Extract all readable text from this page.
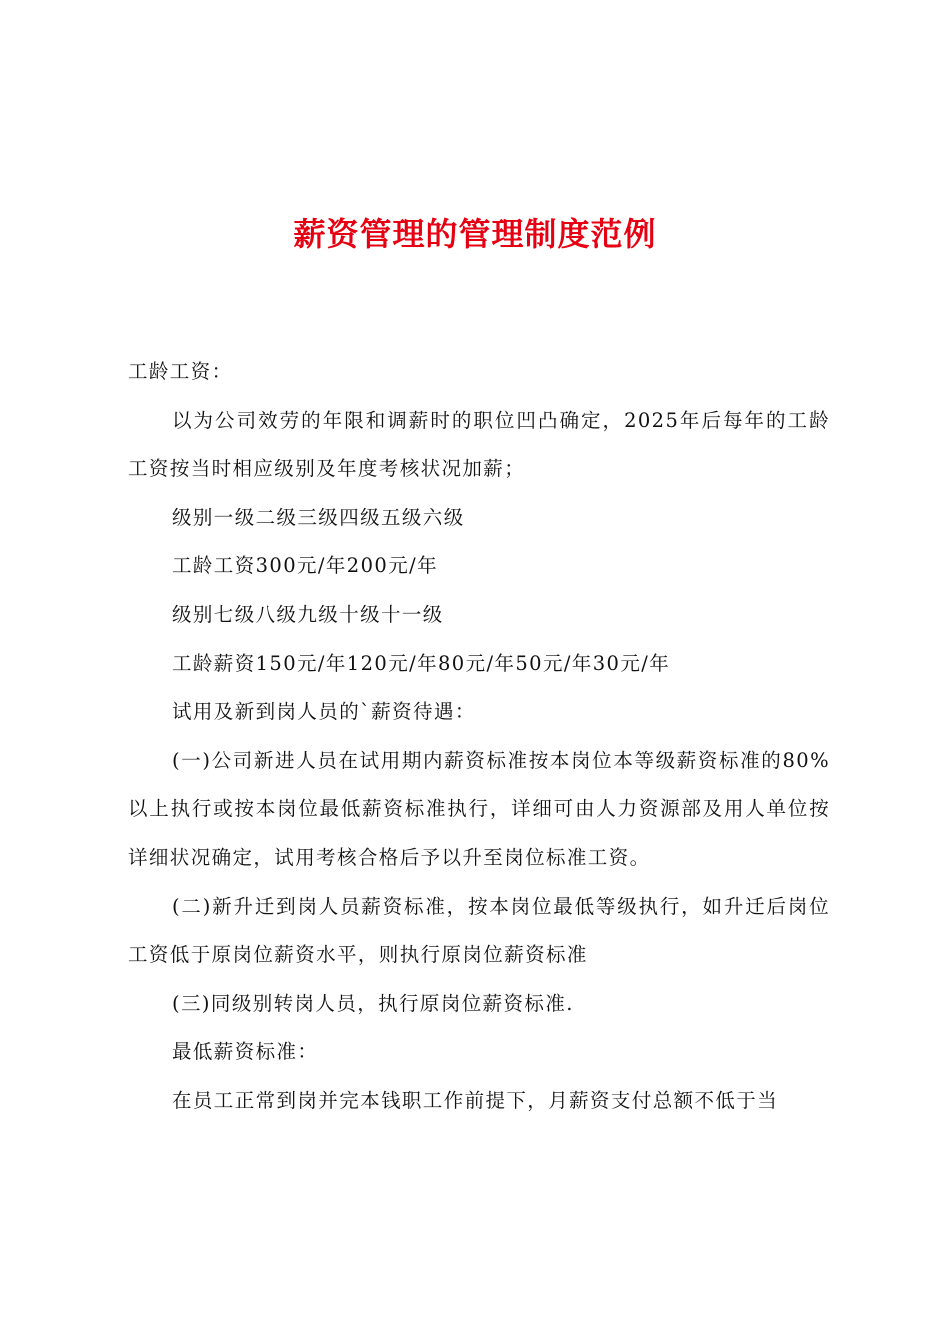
薪资管理的管理制度范例

工龄工资：

以为公司效劳的年限和调薪时的职位凹凸确定，2025年后每年的工龄工资按当时相应级别及年度考核状况加薪；

级别一级二级三级四级五级六级

工龄工资300元/年200元/年

级别七级八级九级十级十一级

工龄薪资150元/年120元/年80元/年50元/年30元/年

试用及新到岗人员的`薪资待遇：

(一)公司新进人员在试用期内薪资标准按本岗位本等级薪资标准的80%以上执行或按本岗位最低薪资标准执行，详细可由人力资源部及用人单位按详细状况确定，试用考核合格后予以升至岗位标准工资。

(二)新升迁到岗人员薪资标准，按本岗位最低等级执行，如升迁后岗位工资低于原岗位薪资水平，则执行原岗位薪资标准

(三)同级别转岗人员，执行原岗位薪资标准.

最低薪资标准：

在员工正常到岗并完本钱职工作前提下，月薪资支付总额不低于当
